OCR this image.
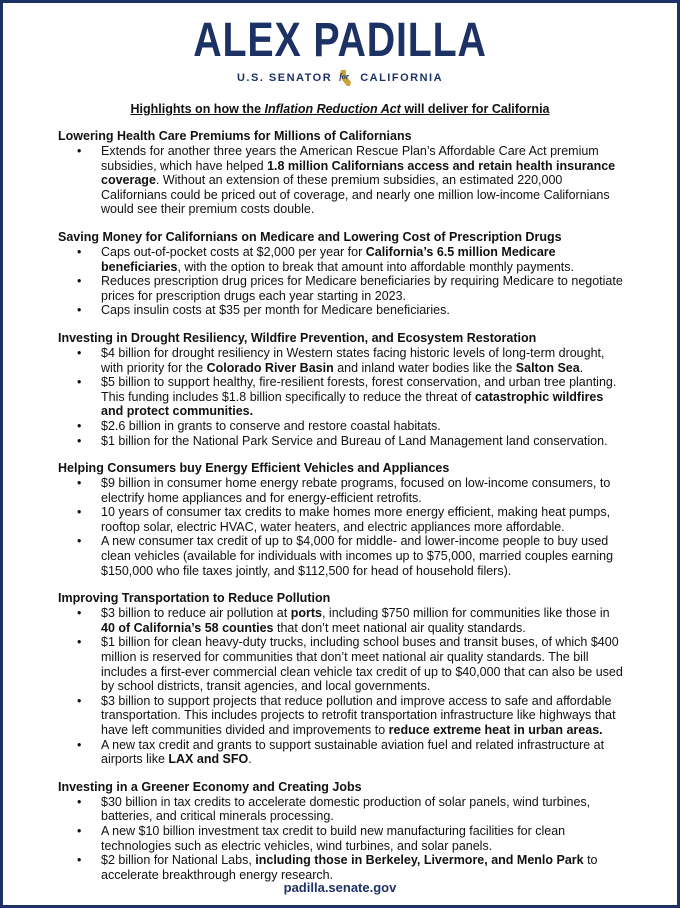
ALEX PADILLA
U.S. SENATOR for CALIFORNIA
Highlights on how the Inflation Reduction Act will deliver for California
Lowering Health Care Premiums for Millions of Californians
• Extends for another three years the American Rescue Plan’s Affordable Care Act premium subsidies, which have helped 1.8 million Californians access and retain health insurance coverage. Without an extension of these premium subsidies, an estimated 220,000 Californians could be priced out of coverage, and nearly one million low-income Californians would see their premium costs double.
Saving Money for Californians on Medicare and Lowering Cost of Prescription Drugs
• Caps out-of-pocket costs at $2,000 per year for California’s 6.5 million Medicare beneficiaries, with the option to break that amount into affordable monthly payments.
• Reduces prescription drug prices for Medicare beneficiaries by requiring Medicare to negotiate prices for prescription drugs each year starting in 2023.
• Caps insulin costs at $35 per month for Medicare beneficiaries.
Investing in Drought Resiliency, Wildfire Prevention, and Ecosystem Restoration
• $4 billion for drought resiliency in Western states facing historic levels of long-term drought, with priority for the Colorado River Basin and inland water bodies like the Salton Sea.
• $5 billion to support healthy, fire-resilient forests, forest conservation, and urban tree planting. This funding includes $1.8 billion specifically to reduce the threat of catastrophic wildfires and protect communities.
• $2.6 billion in grants to conserve and restore coastal habitats.
• $1 billion for the National Park Service and Bureau of Land Management land conservation.
Helping Consumers buy Energy Efficient Vehicles and Appliances
• $9 billion in consumer home energy rebate programs, focused on low-income consumers, to electrify home appliances and for energy-efficient retrofits.
• 10 years of consumer tax credits to make homes more energy efficient, making heat pumps, rooftop solar, electric HVAC, water heaters, and electric appliances more affordable.
• A new consumer tax credit of up to $4,000 for middle- and lower-income people to buy used clean vehicles (available for individuals with incomes up to $75,000, married couples earning $150,000 who file taxes jointly, and $112,500 for head of household filers).
Improving Transportation to Reduce Pollution
• $3 billion to reduce air pollution at ports, including $750 million for communities like those in 40 of California’s 58 counties that don’t meet national air quality standards.
• $1 billion for clean heavy-duty trucks, including school buses and transit buses, of which $400 million is reserved for communities that don’t meet national air quality standards. The bill includes a first-ever commercial clean vehicle tax credit of up to $40,000 that can also be used by school districts, transit agencies, and local governments.
• $3 billion to support projects that reduce pollution and improve access to safe and affordable transportation. This includes projects to retrofit transportation infrastructure like highways that have left communities divided and improvements to reduce extreme heat in urban areas.
• A new tax credit and grants to support sustainable aviation fuel and related infrastructure at airports like LAX and SFO.
Investing in a Greener Economy and Creating Jobs
• $30 billion in tax credits to accelerate domestic production of solar panels, wind turbines, batteries, and critical minerals processing.
• A new $10 billion investment tax credit to build new manufacturing facilities for clean technologies such as electric vehicles, wind turbines, and solar panels.
• $2 billion for National Labs, including those in Berkeley, Livermore, and Menlo Park to accelerate breakthrough energy research.
padilla.senate.gov
